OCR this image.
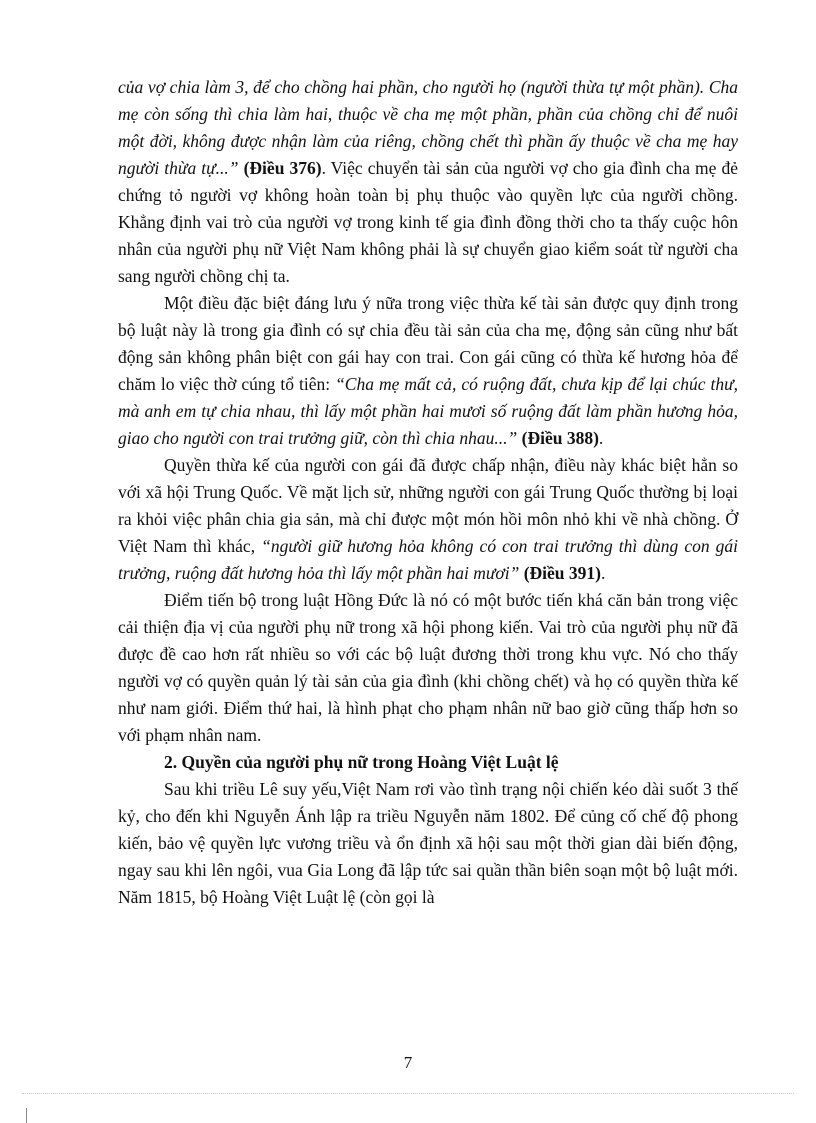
của vợ chia làm 3, để cho chồng hai phần, cho người họ (người thừa tự một phần). Cha mẹ còn sống thì chia làm hai, thuộc về cha mẹ một phần, phần của chồng chỉ để nuôi một đời, không được nhận làm của riêng, chồng chết thì phần ấy thuộc về cha mẹ hay người thừa tự...” (Điều 376). Việc chuyển tài sản của người vợ cho gia đình cha mẹ đẻ chứng tỏ người vợ không hoàn toàn bị phụ thuộc vào quyền lực của người chồng. Khẳng định vai trò của người vợ trong kinh tế gia đình đồng thời cho ta thấy cuộc hôn nhân của người phụ nữ Việt Nam không phải là sự chuyển giao kiểm soát từ người cha sang người chồng chị ta.

Một điều đặc biệt đáng lưu ý nữa trong việc thừa kế tài sản được quy định trong bộ luật này là trong gia đình có sự chia đều tài sản của cha mẹ, động sản cũng như bất động sản không phân biệt con gái hay con trai. Con gái cũng có thừa kế hương hỏa để chăm lo việc thờ cúng tổ tiên: “Cha mẹ mất cả, có ruộng đất, chưa kịp để lại chúc thư, mà anh em tự chia nhau, thì lấy một phần hai mươi số ruộng đất làm phần hương hỏa, giao cho người con trai trưởng giữ, còn thì chia nhau...” (Điều 388).

Quyền thừa kế của người con gái đã được chấp nhận, điều này khác biệt hẳn so với xã hội Trung Quốc. Về mặt lịch sử, những người con gái Trung Quốc thường bị loại ra khỏi việc phân chia gia sản, mà chỉ được một món hồi môn nhỏ khi về nhà chồng. Ở Việt Nam thì khác, “người giữ hương hỏa không có con trai trưởng thì dùng con gái trưởng, ruộng đất hương hỏa thì lấy một phần hai mươi” (Điều 391).

Điểm tiến bộ trong luật Hồng Đức là nó có một bước tiến khá căn bản trong việc cải thiện địa vị của người phụ nữ trong xã hội phong kiến. Vai trò của người phụ nữ đã được đề cao hơn rất nhiều so với các bộ luật đương thời trong khu vực. Nó cho thấy người vợ có quyền quản lý tài sản của gia đình (khi chồng chết) và họ có quyền thừa kế như nam giới. Điểm thứ hai, là hình phạt cho phạm nhân nữ bao giờ cũng thấp hơn so với phạm nhân nam.

2. Quyền của người phụ nữ trong Hoàng Việt Luật lệ

Sau khi triều Lê suy yếu,Việt Nam rơi vào tình trạng nội chiến kéo dài suốt 3 thế kỷ, cho đến khi Nguyễn Ánh lập ra triều Nguyễn năm 1802. Để củng cố chế độ phong kiến, bảo vệ quyền lực vương triều và ổn định xã hội sau một thời gian dài biến động, ngay sau khi lên ngôi, vua Gia Long đã lập tức sai quần thần biên soạn một bộ luật mới. Năm 1815, bộ Hoàng Việt Luật lệ (còn gọi là

7
